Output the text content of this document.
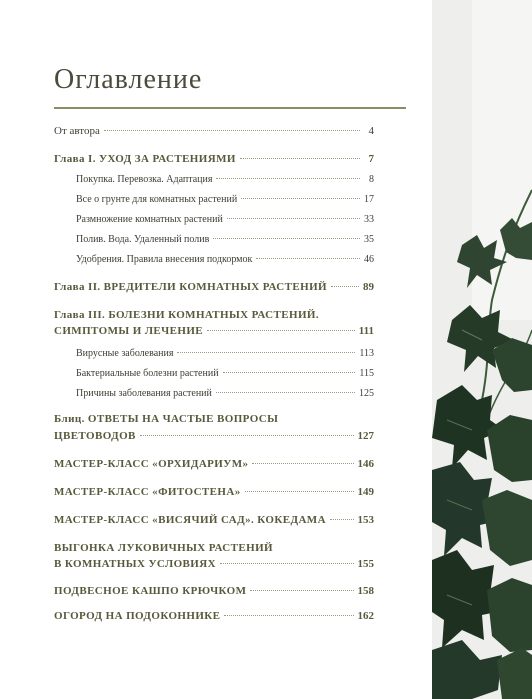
Оглавление
От автора	4
Глава I. УХОД ЗА РАСТЕНИЯМИ	7
Покупка. Перевозка. Адаптация	8
Все о грунте для комнатных растений	17
Размножение комнатных растений	33
Полив. Вода. Удаленный полив	35
Удобрения. Правила внесения подкормок	46
Глава II. ВРЕДИТЕЛИ КОМНАТНЫХ РАСТЕНИЙ	89
Глава III. БОЛЕЗНИ КОМНАТНЫХ РАСТЕНИЙ.
СИМПТОМЫ И ЛЕЧЕНИЕ	111
Вирусные заболевания	113
Бактериальные болезни растений	115
Причины заболевания растений	125
Блиц. ОТВЕТЫ НА ЧАСТЫЕ ВОПРОСЫ
ЦВЕТОВОДОВ	127
МАСТЕР-КЛАСС «ОРХИДАРИУМ»	146
МАСТЕР-КЛАСС «ФИТОСТЕНА»	149
МАСТЕР-КЛАСС «ВИСЯЧИЙ САД». КОКЕДАМА	153
ВЫГОНКА ЛУКОВИЧНЫХ РАСТЕНИЙ
В КОМНАТНЫХ УСЛОВИЯХ	155
ПОДВЕСНОЕ КАШПО КРЮЧКОМ	158
ОГОРОД НА ПОДОКОННИКЕ	162
